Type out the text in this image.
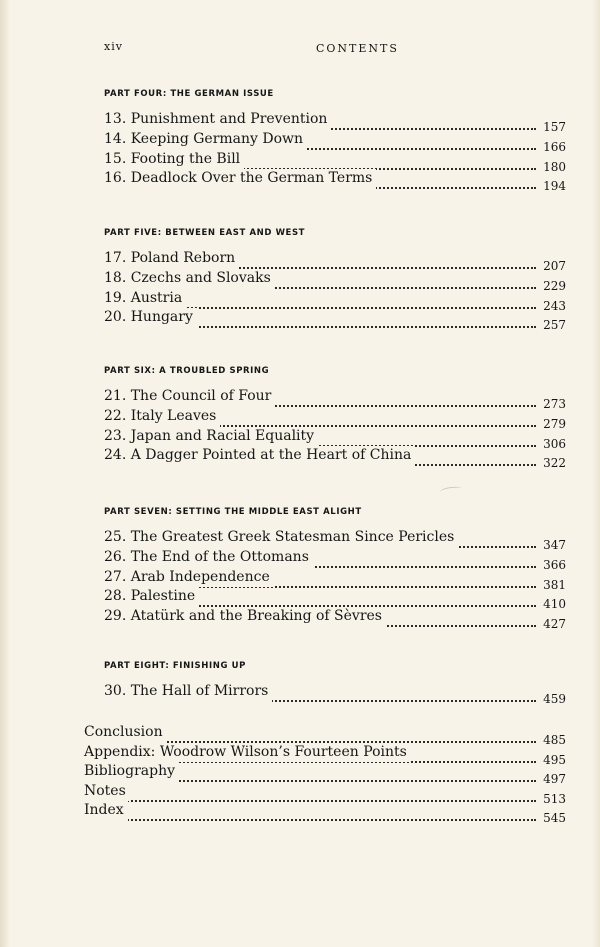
xiv	CONTENTS
PART FOUR: THE GERMAN ISSUE
13. Punishment and Prevention	157
14. Keeping Germany Down	166
15. Footing the Bill	180
16. Deadlock Over the German Terms	194
PART FIVE: BETWEEN EAST AND WEST
17. Poland Reborn	207
18. Czechs and Slovaks	229
19. Austria	243
20. Hungary	257
PART SIX: A TROUBLED SPRING
21. The Council of Four	273
22. Italy Leaves	279
23. Japan and Racial Equality	306
24. A Dagger Pointed at the Heart of China	322
PART SEVEN: SETTING THE MIDDLE EAST ALIGHT
25. The Greatest Greek Statesman Since Pericles	347
26. The End of the Ottomans	366
27. Arab Independence	381
28. Palestine	410
29. Atatürk and the Breaking of Sèvres	427
PART EIGHT: FINISHING UP
30. The Hall of Mirrors	459
Conclusion	485
Appendix: Woodrow Wilson’s Fourteen Points	495
Bibliography	497
Notes	513
Index	545
